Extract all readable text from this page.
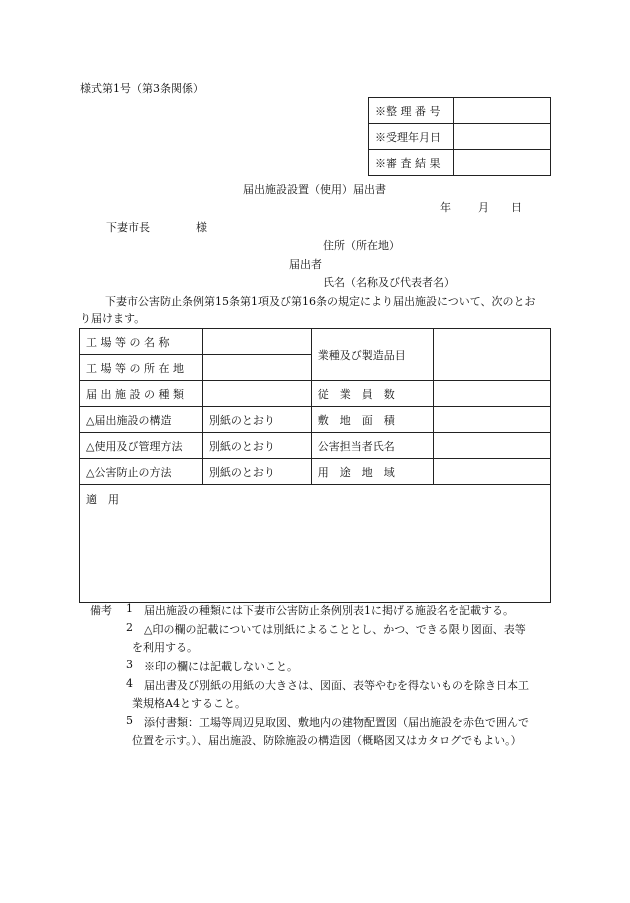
様式第1号（第3条関係）
※整 理 番 号	
※受理年月日	
※審 査 結 果	
届出施設設置（使用）届出書
年 月 日
下妻市長	様
住所（所在地）
届出者
氏名（名称及び代表者名）
下妻市公害防止条例第15条第1項及び第16条の規定により届出施設について、次のとお
り届けます。
工 場 等 の 名 称		業種及び製造品目	
工 場 等 の 所 在 地			
届 出 施 設 の 種 類		従　業　員　数	
△届出施設の構造	別紙のとおり	敷　地　面　積	
△使用及び管理方法	別紙のとおり	公害担当者氏名	
△公害防止の方法	別紙のとおり	用　途　地　域	
適　用			
備考 1 届出施設の種類には下妻市公害防止条例別表1に掲げる施設名を記載する。
2 △印の欄の記載については別紙によることとし、かつ、できる限り図面、表等
を利用する。
3 ※印の欄には記載しないこと。
4 届出書及び別紙の用紙の大きさは、図面、表等やむを得ないものを除き日本工
業規格A4とすること。
5 添付書類：工場等周辺見取図、敷地内の建物配置図（届出施設を赤色で囲んで
位置を示す。）、届出施設、防除施設の構造図（概略図又はカタログでもよい。）
